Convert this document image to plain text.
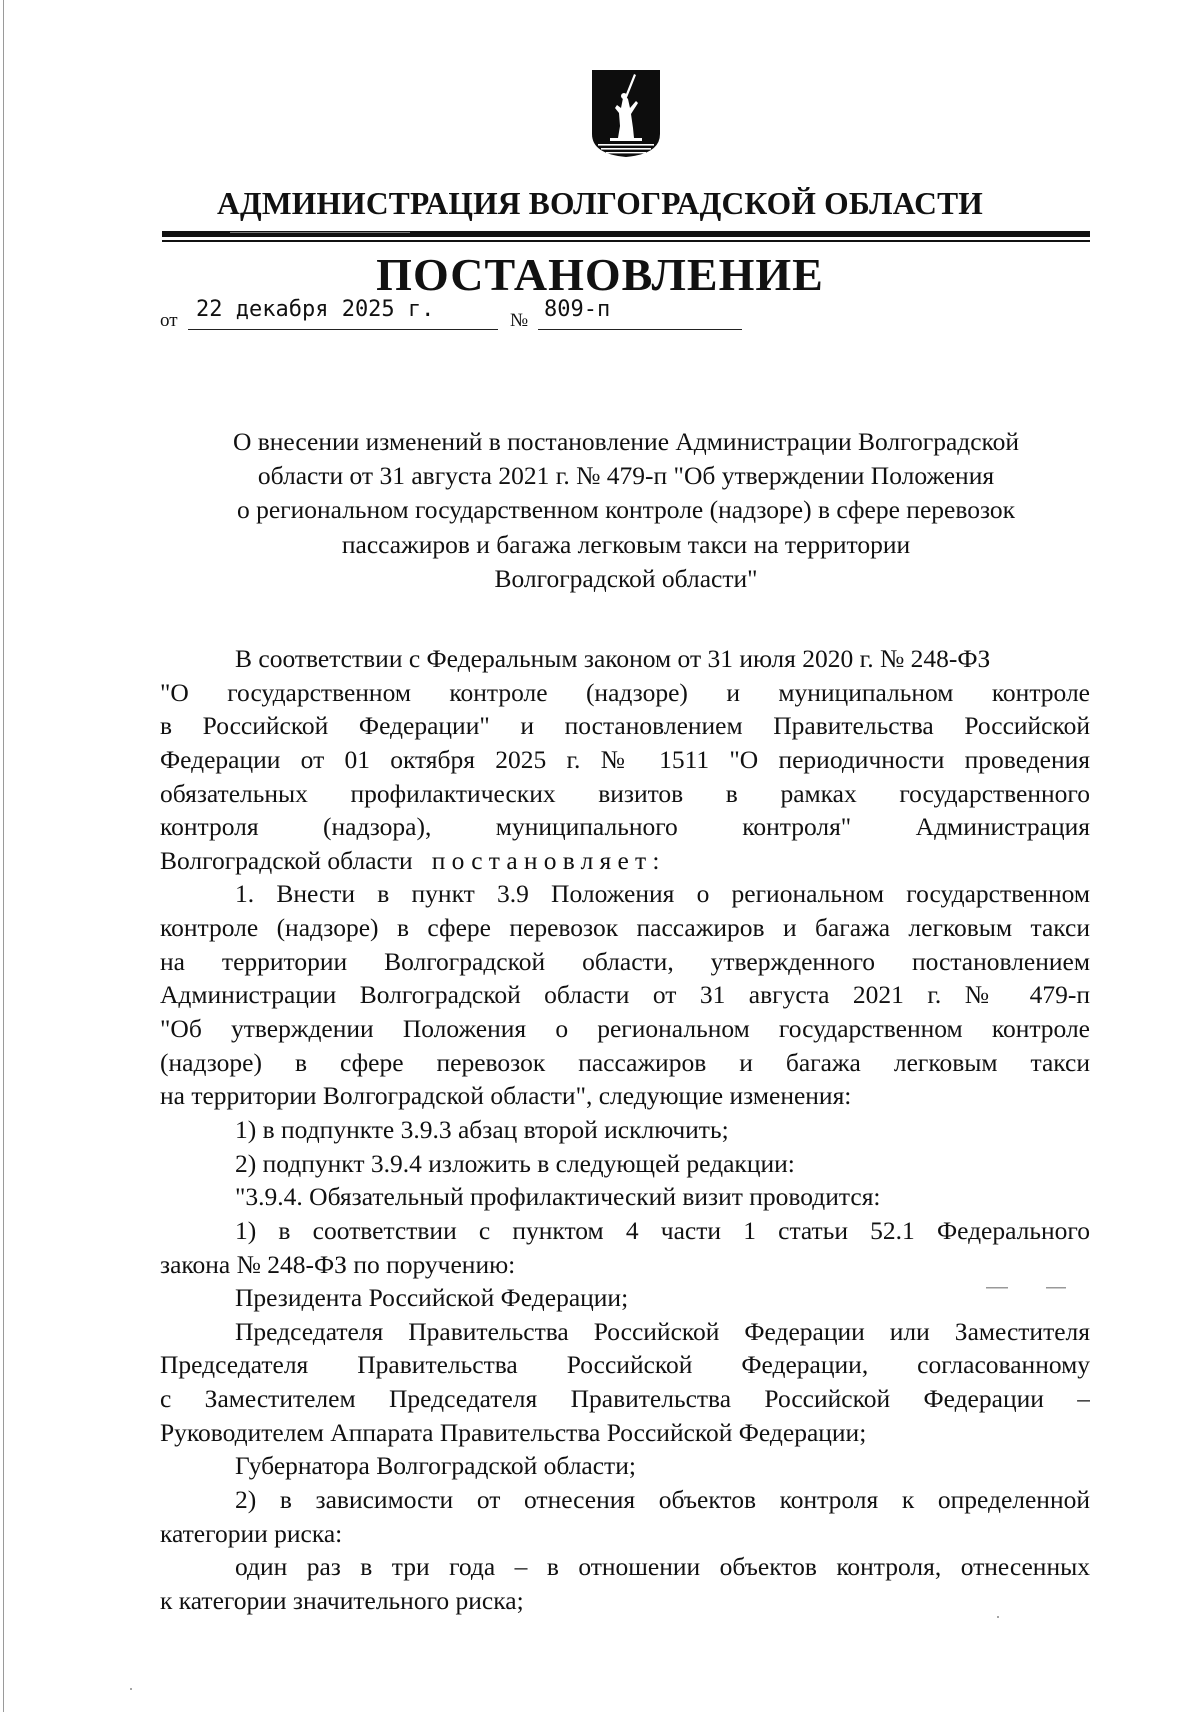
АДМИНИСТРАЦИЯ ВОЛГОГРАДСКОЙ ОБЛАСТИ
ПОСТАНОВЛЕНИЕ
от 22 декабря 2025 г.	№ 809-п
О внесении изменений в постановление Администрации Волгоградской
области от 31 августа 2021 г. № 479-п "Об утверждении Положения
о региональном государственном контроле (надзоре) в сфере перевозок
пассажиров и багажа легковым такси на территории
Волгоградской области"
В соответствии с Федеральным законом от 31 июля 2020 г. № 248-ФЗ
"О государственном контроле (надзоре) и муниципальном контроле
в Российской Федерации" и постановлением Правительства Российской
Федерации от 01 октября 2025 г. № 1511 "О периодичности проведения
обязательных профилактических визитов в рамках государственного
контроля (надзора), муниципального контроля" Администрация
Волгоградской области постановляет:
1. Внести в пункт 3.9 Положения о региональном государственном
контроле (надзоре) в сфере перевозок пассажиров и багажа легковым такси
на территории Волгоградской области, утвержденного постановлением
Администрации Волгоградской области от 31 августа 2021 г. № 479-п
"Об утверждении Положения о региональном государственном контроле
(надзоре) в сфере перевозок пассажиров и багажа легковым такси
на территории Волгоградской области", следующие изменения:
1) в подпункте 3.9.3 абзац второй исключить;
2) подпункт 3.9.4 изложить в следующей редакции:
"3.9.4. Обязательный профилактический визит проводится:
1) в соответствии с пунктом 4 части 1 статьи 52.1 Федерального
закона № 248-ФЗ по поручению:
Президента Российской Федерации;
Председателя Правительства Российской Федерации или Заместителя
Председателя Правительства Российской Федерации, согласованному
с Заместителем Председателя Правительства Российской Федерации –
Руководителем Аппарата Правительства Российской Федерации;
Губернатора Волгоградской области;
2) в зависимости от отнесения объектов контроля к определенной
категории риска:
один раз в три года – в отношении объектов контроля, отнесенных
к категории значительного риска;
